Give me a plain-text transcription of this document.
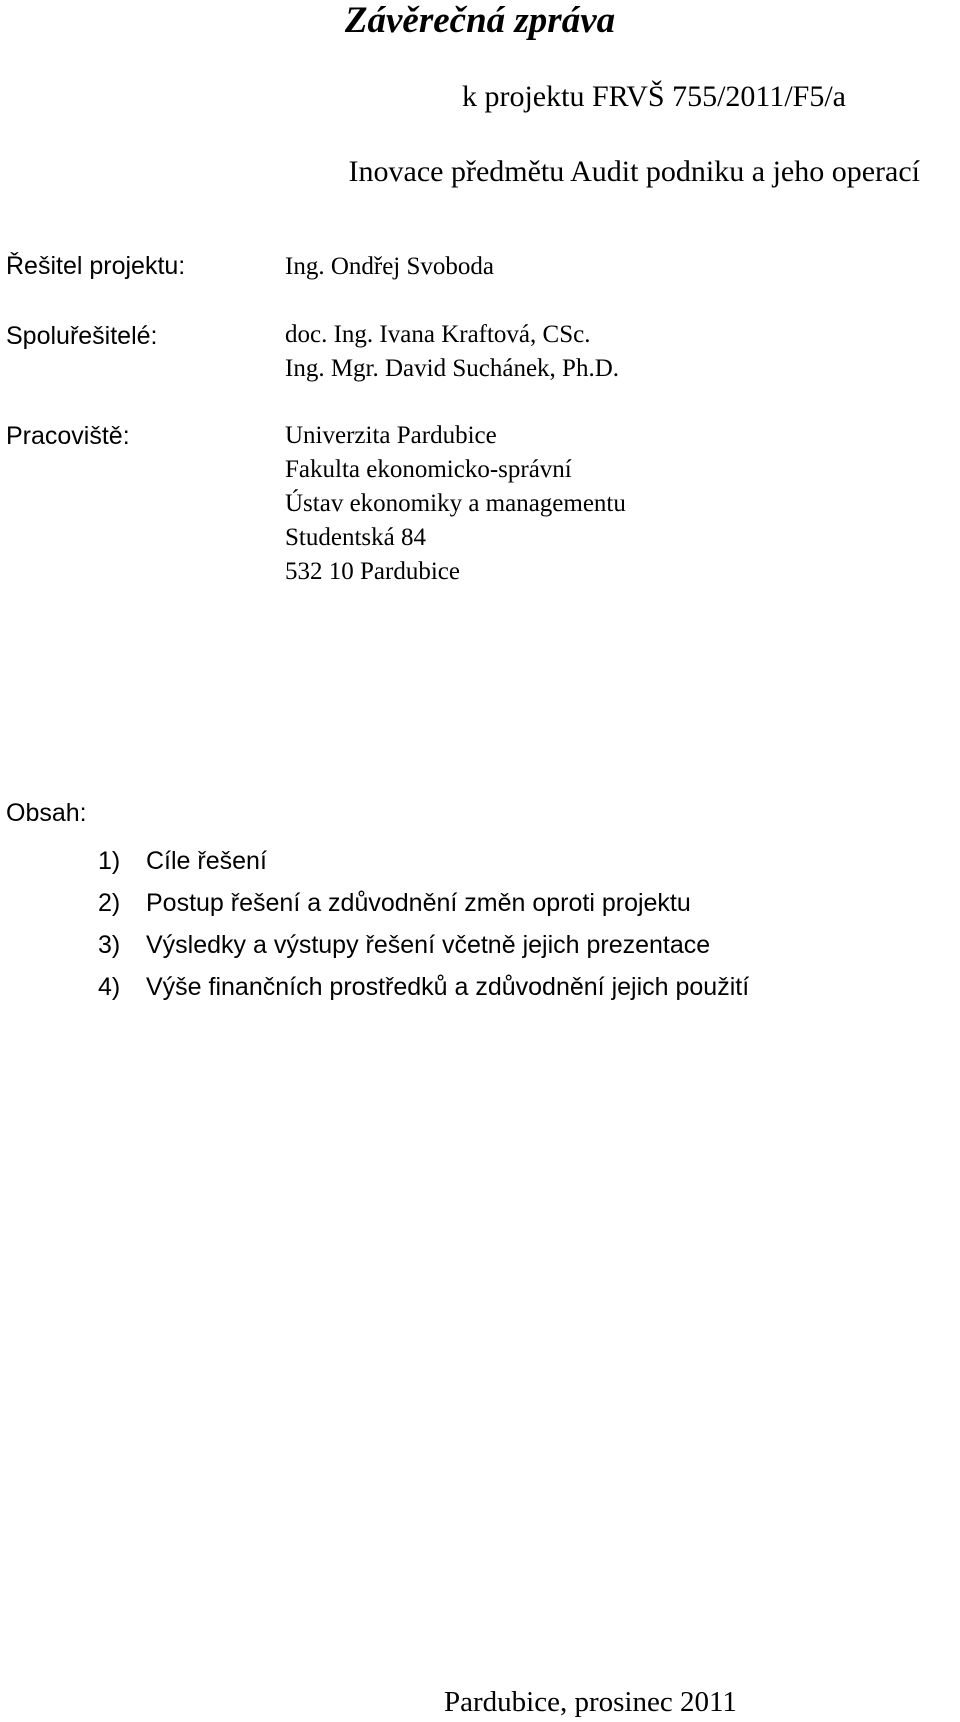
Závěrečná zpráva
k projektu FRVŠ 755/2011/F5/a
Inovace předmětu Audit podniku a jeho operací
Řešitel projektu:	Ing. Ondřej Svoboda
Spoluřešitelé:	doc. Ing. Ivana Kraftová, CSc.
Ing. Mgr. David Suchánek, Ph.D.
Pracoviště:	Univerzita Pardubice
Fakulta ekonomicko-správní
Ústav ekonomiky a managementu
Studentská 84
532 10 Pardubice
Obsah:
1) Cíle řešení
2) Postup řešení a zdůvodnění změn oproti projektu
3) Výsledky a výstupy řešení včetně jejich prezentace
4) Výše finančních prostředků a zdůvodnění jejich použití
Pardubice, prosinec 2011
